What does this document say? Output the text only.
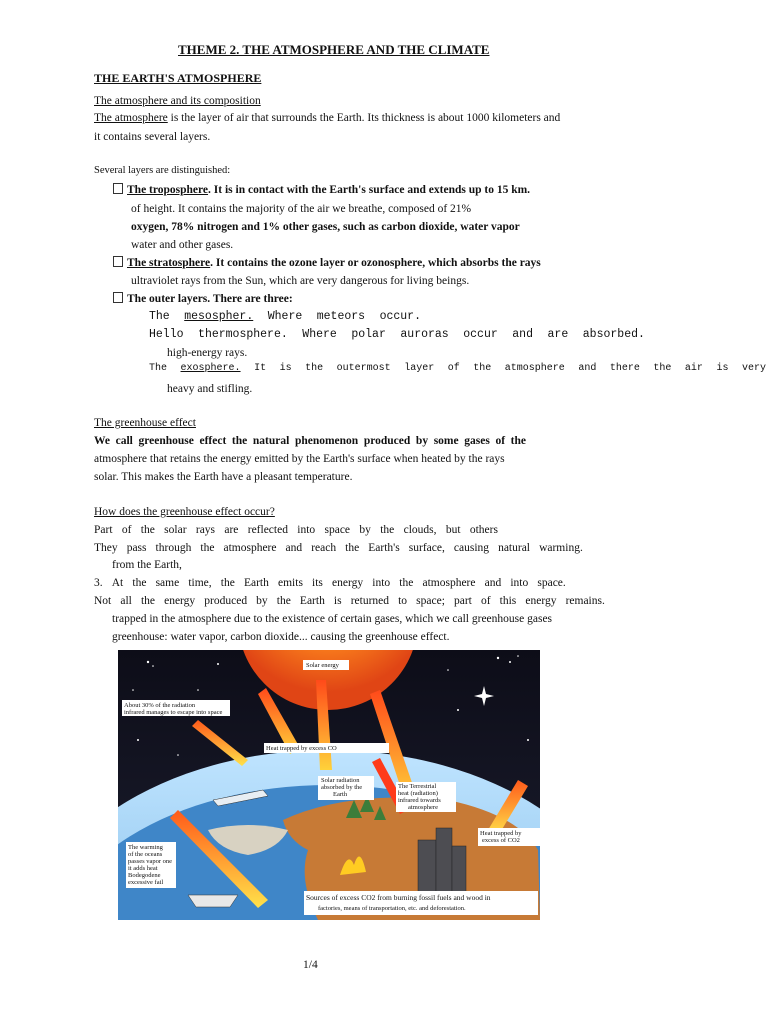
THEME 2. THE ATMOSPHERE AND THE CLIMATE
THE EARTH'S ATMOSPHERE
The atmosphere and its composition
The atmosphere is the layer of air that surrounds the Earth. Its thickness is about 1000 kilometers and
it contains several layers.
Several layers are distinguished:
The troposphere. It is in contact with the Earth's surface and extends up to 15 km.
of height. It contains the majority of the air we breathe, composed of 21%
oxygen, 78% nitrogen and 1% other gases, such as carbon dioxide, water vapor
water and other gases.
The stratosphere. It contains the ozone layer or ozonosphere, which absorbs the rays
ultraviolet rays from the Sun, which are very dangerous for living beings.
The outer layers. There are three:
The mesospher. Where meteors occur.
Hello thermosphere. Where polar auroras occur and are absorbed.
high-energy rays.
The exosphere. It is the outermost layer of the atmosphere and there the air is very
heavy and stifling.
The greenhouse effect
We call greenhouse effect the natural phenomenon produced by some gases of the
atmosphere that retains the energy emitted by the Earth's surface when heated by the rays
solar. This makes the Earth have a pleasant temperature.
How does the greenhouse effect occur?
Part of the solar rays are reflected into space by the clouds, but others
They pass through the atmosphere and reach the Earth's surface, causing natural warming.
from the Earth,
3. At the same time, the Earth emits its energy into the atmosphere and into space.
Not all the energy produced by the Earth is returned to space; part of this energy remains.
trapped in the atmosphere due to the existence of certain gases, which we call greenhouse gases
greenhouse: water vapor, carbon dioxide... causing the greenhouse effect.
Solar energy
About 30% of the radiation
infrared manages to escape into space
Heat trapped by excess CO
Solar radiation
absorbed by the
Earth
The Terrestrial
heat (radiation)
infrared towards
atmosphere
Heat trapped by
excess of CO2
The warming
of the oceans
passes vapor one
it adds heat
Bodegodene
excessive fail
Sources of excess CO2 from burning fossil fuels and wood in
factories, means of transportation, etc. and deforestation.
1/4
